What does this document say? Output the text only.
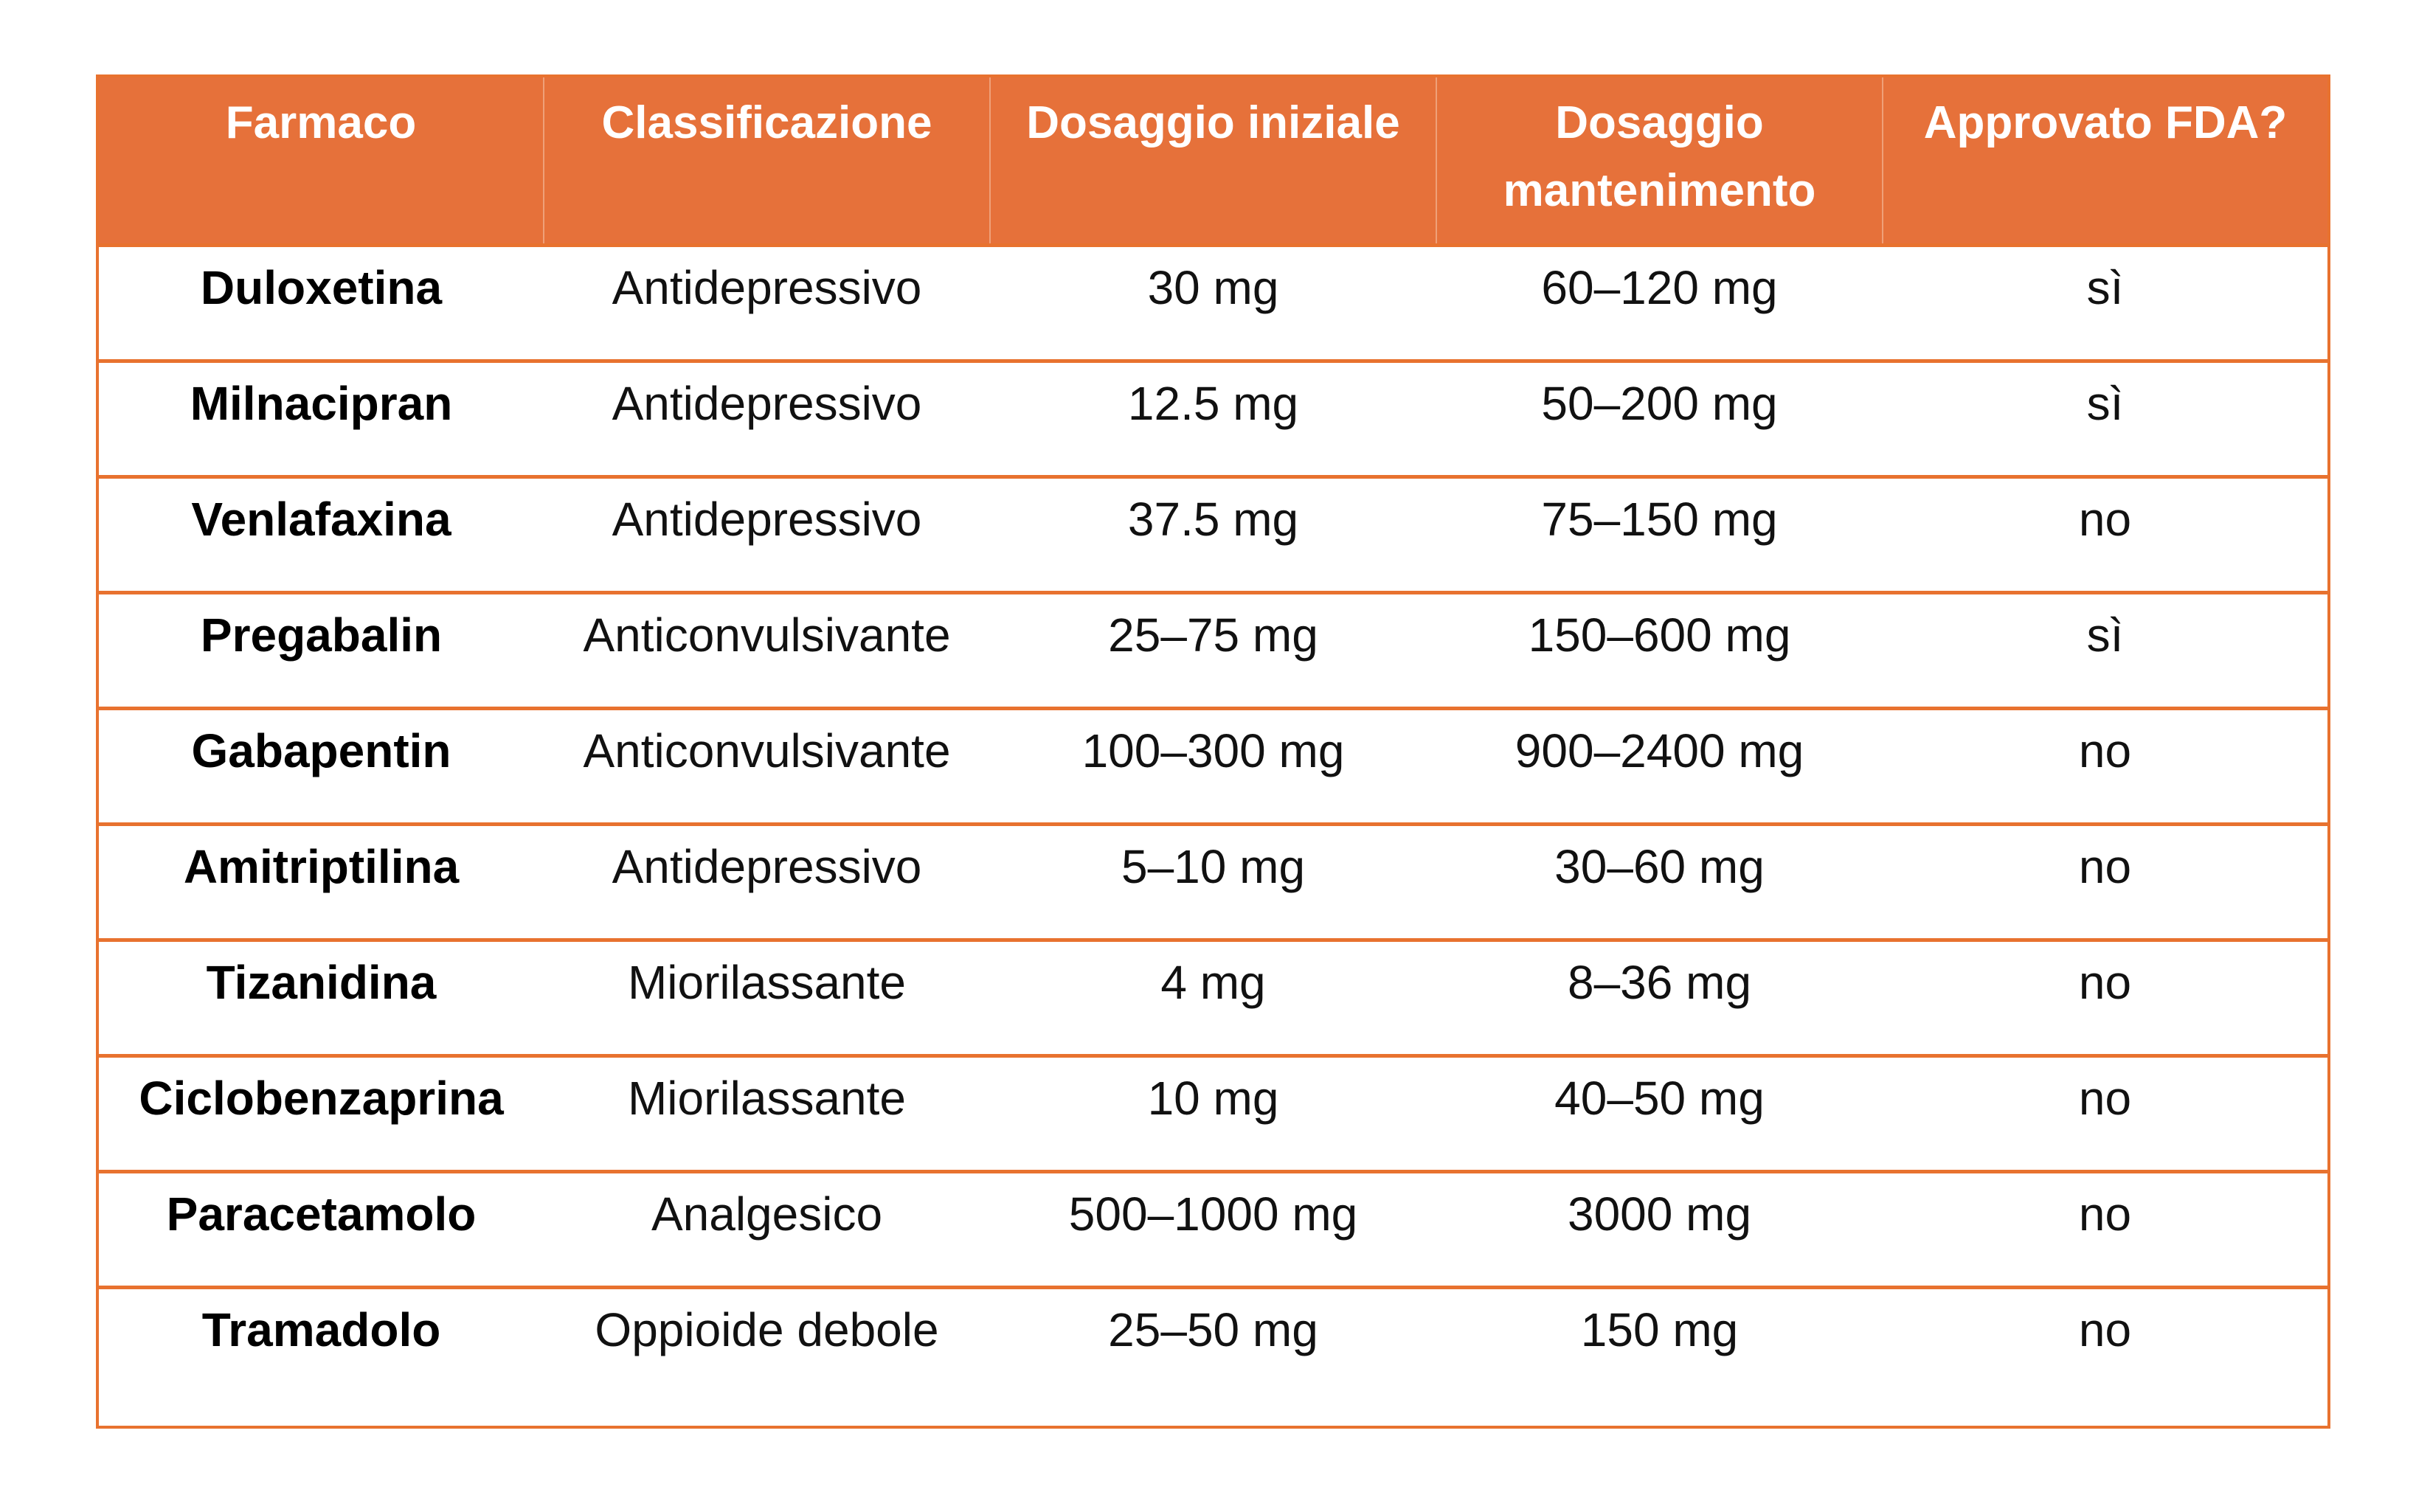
Farmaco	Classificazione	Dosaggio iniziale	Dosaggio mantenimento	Approvato FDA?
Duloxetina	Antidepressivo	30 mg	60–120 mg	sì
Milnacipran	Antidepressivo	12.5 mg	50–200 mg	sì
Venlafaxina	Antidepressivo	37.5 mg	75–150 mg	no
Pregabalin	Anticonvulsivante	25–75 mg	150–600 mg	sì
Gabapentin	Anticonvulsivante	100–300 mg	900–2400 mg	no
Amitriptilina	Antidepressivo	5–10 mg	30–60 mg	no
Tizanidina	Miorilassante	4 mg	8–36 mg	no
Ciclobenzaprina	Miorilassante	10 mg	40–50 mg	no
Paracetamolo	Analgesico	500–1000 mg	3000 mg	no
Tramadolo	Oppioide debole	25–50 mg	150 mg	no
